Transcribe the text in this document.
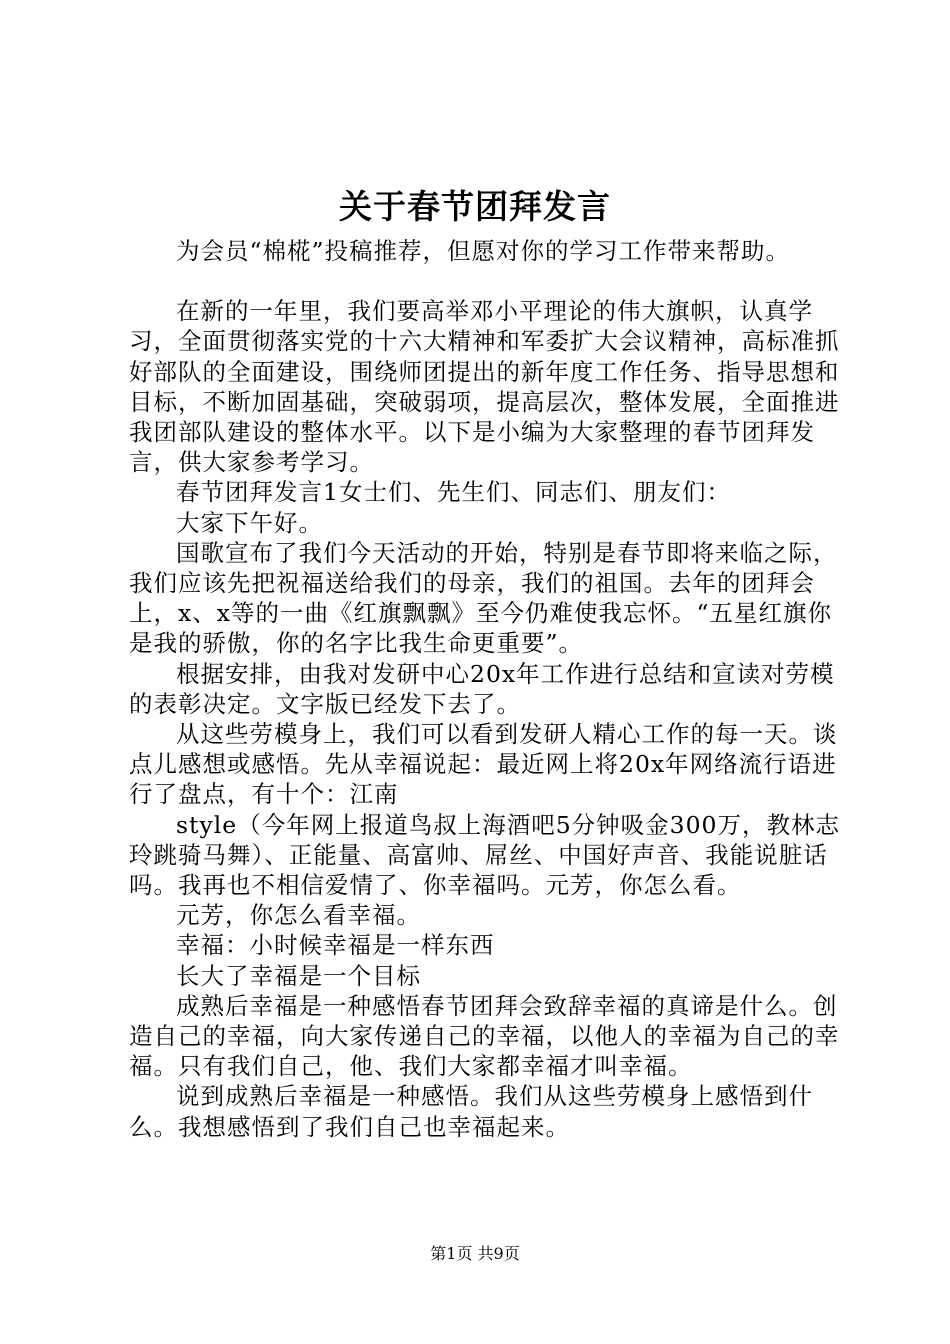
关于春节团拜发言

为会员“棉椛”投稿推荐，但愿对你的学习工作带来帮助。

在新的一年里，我们要高举邓小平理论的伟大旗帜，认真学习，全面贯彻落实党的十六大精神和军委扩大会议精神，高标准抓好部队的全面建设，围绕师团提出的新年度工作任务、指导思想和目标，不断加固基础，突破弱项，提高层次，整体发展，全面推进我团部队建设的整体水平。以下是小编为大家整理的春节团拜发言，供大家参考学习。

春节团拜发言1女士们、先生们、同志们、朋友们：

大家下午好。

国歌宣布了我们今天活动的开始，特别是春节即将来临之际，我们应该先把祝福送给我们的母亲，我们的祖国。去年的团拜会上，x、x等的一曲《红旗飘飘》至今仍难使我忘怀。“五星红旗你是我的骄傲，你的名字比我生命更重要”。

根据安排，由我对发研中心20x年工作进行总结和宣读对劳模的表彰决定。文字版已经发下去了。

从这些劳模身上，我们可以看到发研人精心工作的每一天。谈点儿感想或感悟。先从幸福说起：最近网上将20x年网络流行语进行了盘点，有十个：江南

style（今年网上报道鸟叔上海酒吧5分钟吸金300万，教林志玲跳骑马舞）、正能量、高富帅、屌丝、中国好声音、我能说脏话吗。我再也不相信爱情了、你幸福吗。元芳，你怎么看。

元芳，你怎么看幸福。

幸福：小时候幸福是一样东西

长大了幸福是一个目标

成熟后幸福是一种感悟春节团拜会致辞幸福的真谛是什么。创造自己的幸福，向大家传递自己的幸福，以他人的幸福为自己的幸福。只有我们自己，他、我们大家都幸福才叫幸福。

说到成熟后幸福是一种感悟。我们从这些劳模身上感悟到什么。我想感悟到了我们自己也幸福起来。

第1页 共9页
